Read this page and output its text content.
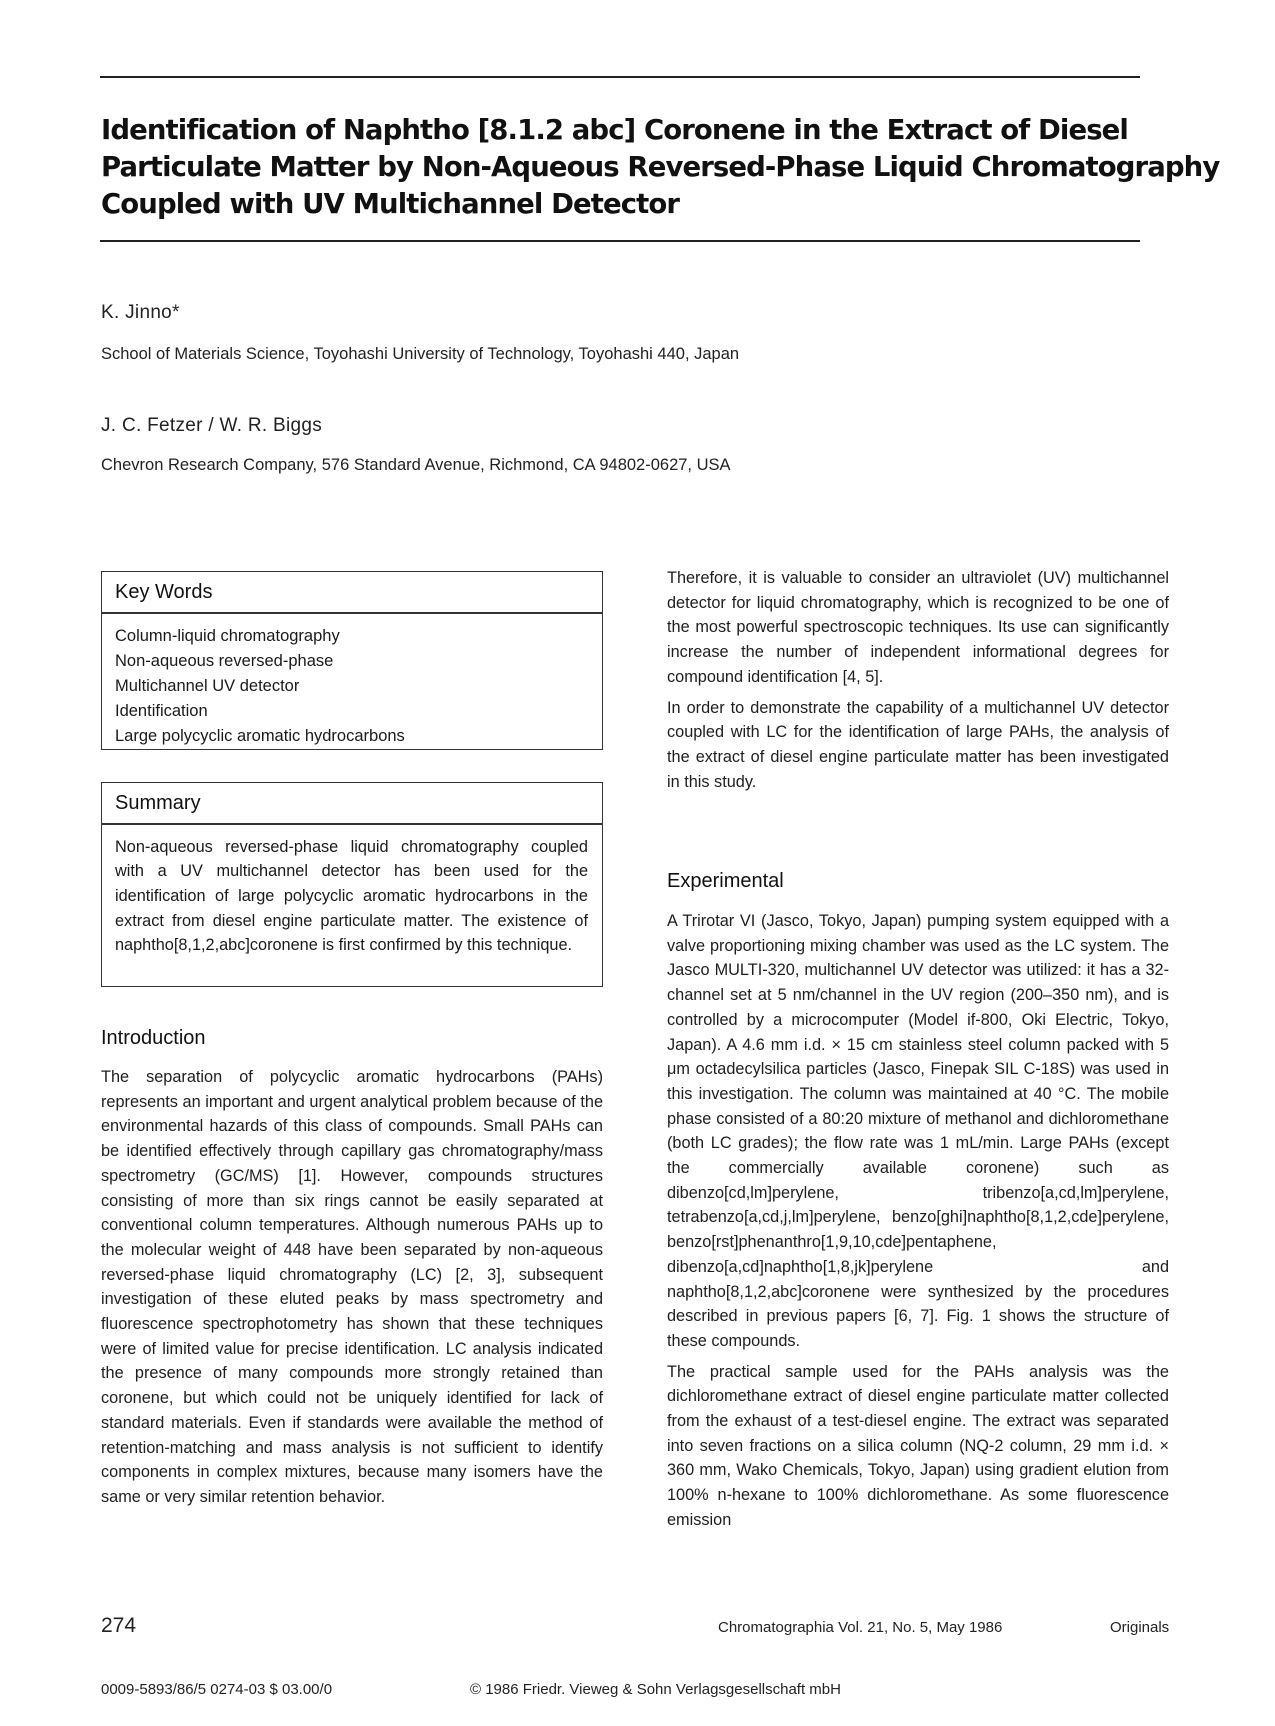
Identification of Naphtho [8.1.2 abc] Coronene in the Extract of Diesel
Particulate Matter by Non-Aqueous Reversed-Phase Liquid Chromatography
Coupled with UV Multichannel Detector
K. Jinno*
School of Materials Science, Toyohashi University of Technology, Toyohashi 440, Japan
J. C. Fetzer / W. R. Biggs
Chevron Research Company, 576 Standard Avenue, Richmond, CA 94802-0627, USA
Key Words
Column-liquid chromatography
Non-aqueous reversed-phase
Multichannel UV detector
Identification
Large polycyclic aromatic hydrocarbons
Summary

Non-aqueous reversed-phase liquid chromatography coupled with a UV multichannel detector has been used for the identification of large polycyclic aromatic hydrocarbons in the extract from diesel engine particulate matter. The existence of naphtho[8,1,2,abc]coronene is first confirmed by this technique.

Introduction

The separation of polycyclic aromatic hydrocarbons (PAHs) represents an important and urgent analytical problem because of the environmental hazards of this class of compounds. Small PAHs can be identified effectively through capillary gas chromatography/mass spectrometry (GC/MS) [1]. However, compounds structures consisting of more than six rings cannot be easily separated at conventional column temperatures. Although numerous PAHs up to the molecular weight of 448 have been separated by non-aqueous reversed-phase liquid chromatography (LC) [2, 3], subsequent investigation of these eluted peaks by mass spectrometry and fluorescence spectrophotometry has shown that these techniques were of limited value for precise identification. LC analysis indicated the presence of many compounds more strongly retained than coronene, but which could not be uniquely identified for lack of standard materials. Even if standards were available the method of retention-matching and mass analysis is not sufficient to identify components in complex mixtures, because many isomers have the same or very similar retention behavior.

Therefore, it is valuable to consider an ultraviolet (UV) multichannel detector for liquid chromatography, which is recognized to be one of the most powerful spectroscopic techniques. Its use can significantly increase the number of independent informational degrees for compound identification [4, 5].

In order to demonstrate the capability of a multichannel UV detector coupled with LC for the identification of large PAHs, the analysis of the extract of diesel engine particulate matter has been investigated in this study.

Experimental

A Trirotar VI (Jasco, Tokyo, Japan) pumping system equipped with a valve proportioning mixing chamber was used as the LC system. The Jasco MULTI-320, multichannel UV detector was utilized: it has a 32-channel set at 5 nm/channel in the UV region (200–350 nm), and is controlled by a microcomputer (Model if-800, Oki Electric, Tokyo, Japan). A 4.6 mm i.d. × 15 cm stainless steel column packed with 5 μm octadecylsilica particles (Jasco, Finepak SIL C-18S) was used in this investigation. The column was maintained at 40 °C. The mobile phase consisted of a 80:20 mixture of methanol and dichloromethane (both LC grades); the flow rate was 1 mL/min. Large PAHs (except the commercially available coronene) such as dibenzo[cd,lm]perylene, tribenzo[a,cd,lm]perylene, tetrabenzo[a,cd,j,lm]perylene, benzo[ghi]naphtho[8,1,2,cde]perylene, benzo[rst]phenanthro[1,9,10,cde]pentaphene, dibenzo[a,cd]naphtho[1,8,jk]perylene and naphtho[8,1,2,abc]coronene were synthesized by the procedures described in previous papers [6, 7]. Fig. 1 shows the structure of these compounds.

The practical sample used for the PAHs analysis was the dichloromethane extract of diesel engine particulate matter collected from the exhaust of a test-diesel engine. The extract was separated into seven fractions on a silica column (NQ-2 column, 29 mm i.d. × 360 mm, Wako Chemicals, Tokyo, Japan) using gradient elution from 100% n-hexane to 100% dichloromethane. As some fluorescence emission

274	Chromatographia Vol. 21, No. 5, May 1986	Originals
0009-5893/86/5 0274-03 $ 03.00/0	© 1986 Friedr. Vieweg & Sohn Verlagsgesellschaft mbH
